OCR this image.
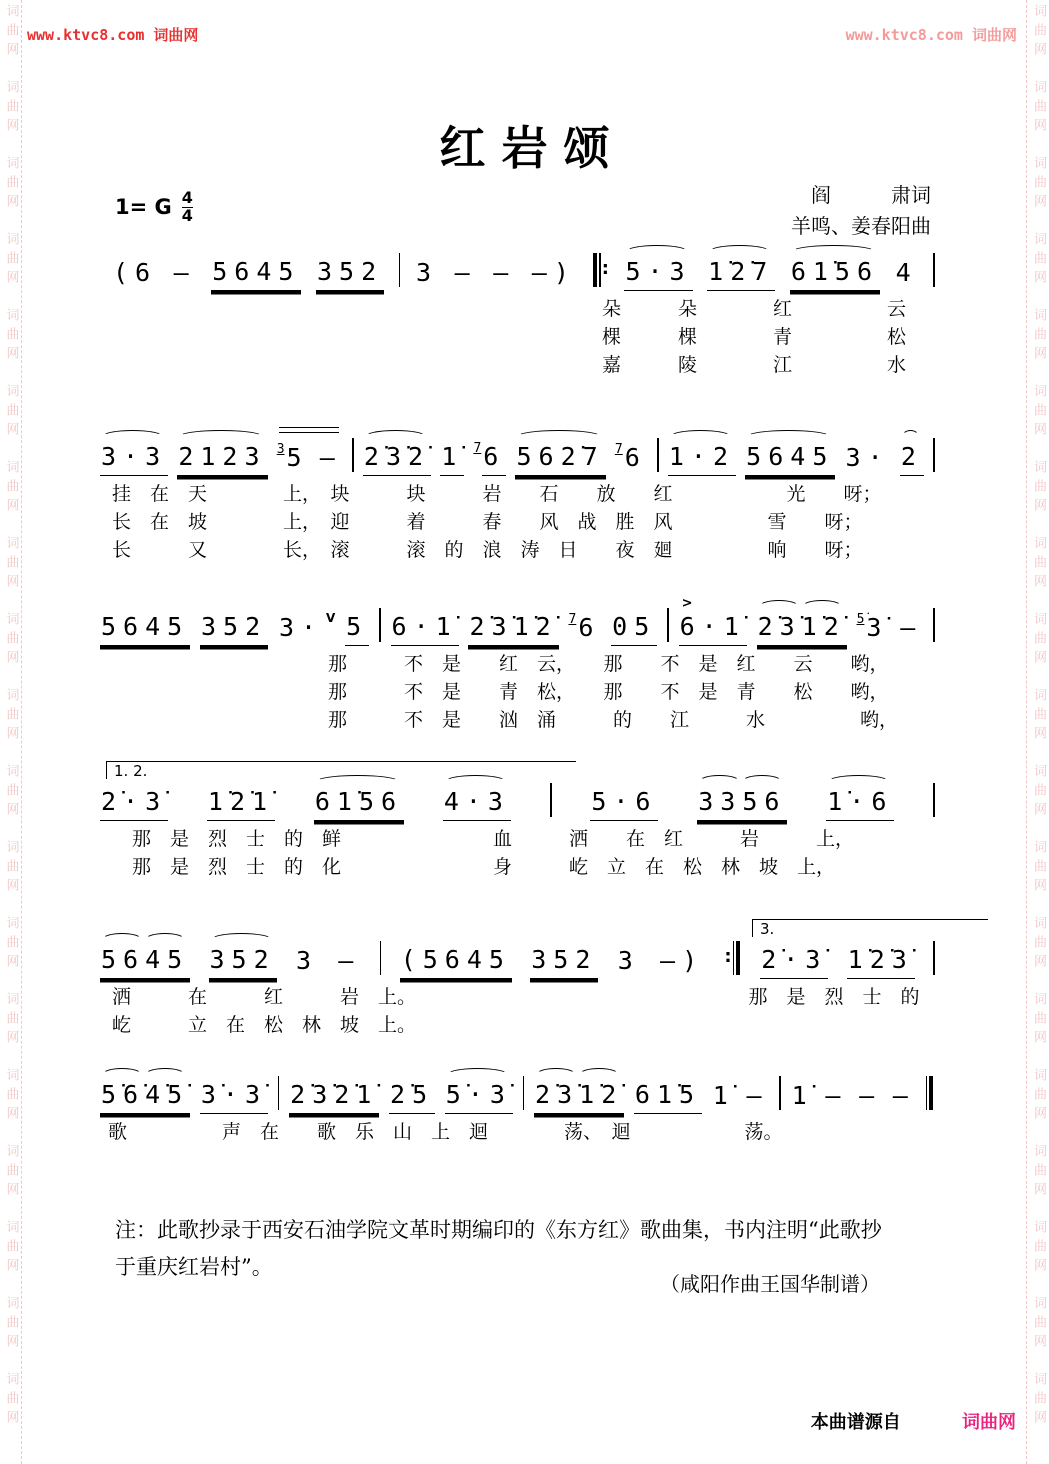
词曲网　词曲网　词曲网　词曲网　词曲网　词曲网　词曲网　词曲网　词曲网　词曲网　词曲网　词曲网　词曲网　词曲网　词曲网　词曲网　词曲网　词曲网　词曲网	词曲网　词曲网　词曲网　词曲网　词曲网　词曲网　词曲网　词曲网　词曲网　词曲网　词曲网　词曲网　词曲网　词曲网　词曲网　词曲网　词曲网　词曲网　词曲网
www.ktvc8.com 词曲网	www.ktvc8.com 词曲网
红岩颂
1= G 4
4
阎　　　肃词
羊鸣、姜春阳曲
(6 — 5645 352 3 — — —) : 5·3 1̇2̇7 61̇56 4
朵　　　朵　　　　红　　　　　云
棵　　　棵　　　　青　　　　　松
嘉　　　陵　　　　江　　　　　水
3·3 2123 $^3$5 — 2̇3̇2̇ 1̇ $^7$6 562̇7 $^7$6 1·2 5645 3· 2
挂　在　天　　　　上，　块　　　块　　　岩　　石　　放　　红　　　　　　光　　呀；
长　在　坡　　　　上，　迎　　　着　　　春　　风　战　胜　风　　　　　雪　　呀；
长　　　又　　　　长，　滚　　　滚　的　浪　涛　日　　夜　廻　　　　　响　　呀；
5645 352 3· $^V$ 5 6·1̇ 2̇3̇1̇2̇ $^7$6 05
>
6·1̇ 2̇3̇1̇2̇ $^{5̇}$3̇ —
那　　　不　是　　红　云，　　那　　不　是　红　　云　　哟，
那　　　不　是　　青　松，　　那　　不　是　青　　松　　哟，
那　　　不　是　　汹　涌　　　的　　江　　　水　　　　　哟，
1. 2.
2̇·3̇ 1̇2̇1̇ 61̇56 4·3	5·6 3356 1̇·6
那　是　烈　士　的　鲜　　　　　　　　血　　　洒　　在　红　　　岩　　　上，
那　是　烈　士　的　化　　　　　　　　身　　　屹　立　在　松　林　坡　上，
3.
5645 352 3 — (5645 352 3 —) : 2̇·3̇ 1̇2̇3̇
洒　　　在　　　红　　　岩　上。　　　　　　　　　　　　　　　　　　那　是　烈　士　的
屹　　　立　在　松　林　坡　上。
5̇6̇4̇5̇ 3̇·3̇ 2̇3̇2̇1̇ 2̇5 5̇·3̇ 2̇3̇1̇2̇ 61̇5 1̇ — 1̇ — — —
歌　　　　　声　在　　歌　乐　山　上　迴　　　　荡、　迴　　　　　　荡。
注：此歌抄录于西安石油学院文革时期编印的《东方红》歌曲集，书内注明“此歌抄
于重庆红岩村”。
（咸阳作曲王国华制谱）
本曲谱源自	词曲网
